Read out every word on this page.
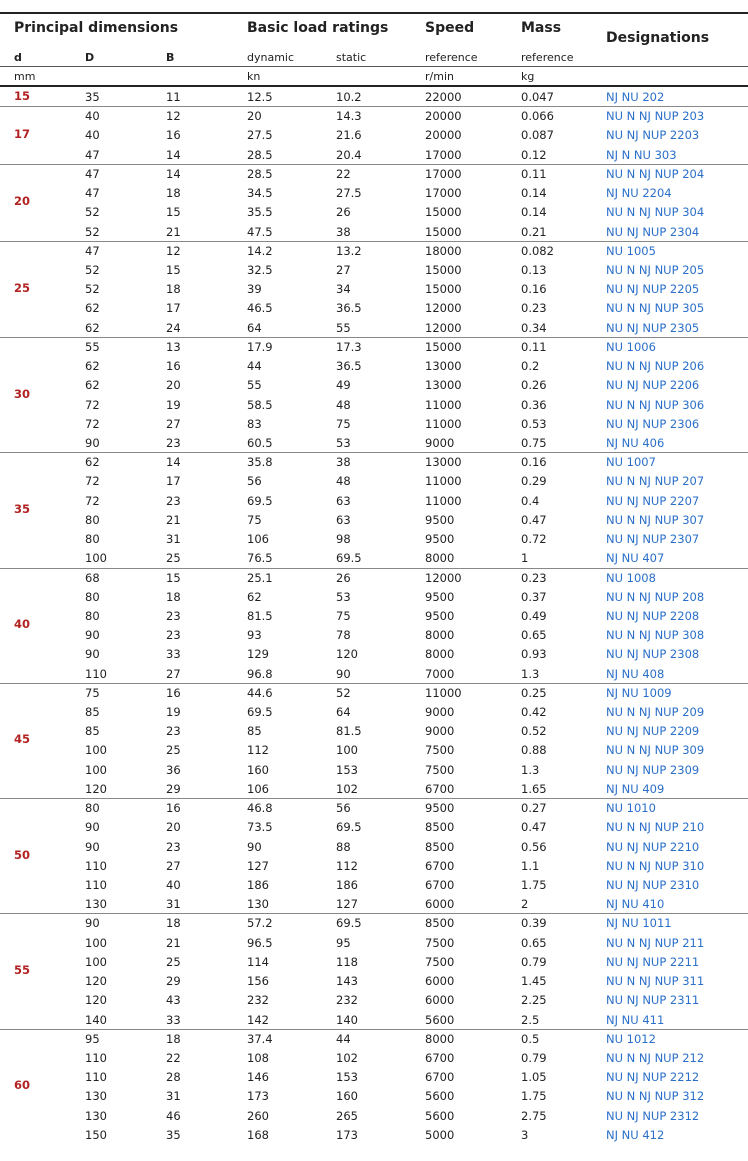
Principal dimensions	Basic load ratings	Speed	Mass
Designations
d	D	B	dynamic	static	reference	reference
mm	kn	r/min	kg
15	35	11	12.5	10.2	22000	0.047	NJ NU 202
17
40	12	20	14.3	20000	0.066	NU N NJ NUP 203
40	16	27.5	21.6	20000	0.087	NU NJ NUP 2203
47	14	28.5	20.4	17000	0.12	NJ N NU 303
20
47	14	28.5	22	17000	0.11	NU N NJ NUP 204
47	18	34.5	27.5	17000	0.14	NJ NU 2204
52	15	35.5	26	15000	0.14	NU N NJ NUP 304
52	21	47.5	38	15000	0.21	NU NJ NUP 2304
25
47	12	14.2	13.2	18000	0.082	NU 1005
52	15	32.5	27	15000	0.13	NU N NJ NUP 205
52	18	39	34	15000	0.16	NU NJ NUP 2205
62	17	46.5	36.5	12000	0.23	NU N NJ NUP 305
62	24	64	55	12000	0.34	NU NJ NUP 2305
30
55	13	17.9	17.3	15000	0.11	NU 1006
62	16	44	36.5	13000	0.2	NU N NJ NUP 206
62	20	55	49	13000	0.26	NU NJ NUP 2206
72	19	58.5	48	11000	0.36	NU N NJ NUP 306
72	27	83	75	11000	0.53	NU NJ NUP 2306
90	23	60.5	53	9000	0.75	NJ NU 406
35
62	14	35.8	38	13000	0.16	NU 1007
72	17	56	48	11000	0.29	NU N NJ NUP 207
72	23	69.5	63	11000	0.4	NU NJ NUP 2207
80	21	75	63	9500	0.47	NU N NJ NUP 307
80	31	106	98	9500	0.72	NU NJ NUP 2307
100	25	76.5	69.5	8000	1	NJ NU 407
40
68	15	25.1	26	12000	0.23	NU 1008
80	18	62	53	9500	0.37	NU N NJ NUP 208
80	23	81.5	75	9500	0.49	NU NJ NUP 2208
90	23	93	78	8000	0.65	NU N NJ NUP 308
90	33	129	120	8000	0.93	NU NJ NUP 2308
110	27	96.8	90	7000	1.3	NJ NU 408
45
75	16	44.6	52	11000	0.25	NJ NU 1009
85	19	69.5	64	9000	0.42	NU N NJ NUP 209
85	23	85	81.5	9000	0.52	NU NJ NUP 2209
100	25	112	100	7500	0.88	NU N NJ NUP 309
100	36	160	153	7500	1.3	NU NJ NUP 2309
120	29	106	102	6700	1.65	NJ NU 409
50
80	16	46.8	56	9500	0.27	NU 1010
90	20	73.5	69.5	8500	0.47	NU N NJ NUP 210
90	23	90	88	8500	0.56	NU NJ NUP 2210
110	27	127	112	6700	1.1	NU N NJ NUP 310
110	40	186	186	6700	1.75	NU NJ NUP 2310
130	31	130	127	6000	2	NJ NU 410
55
90	18	57.2	69.5	8500	0.39	NJ NU 1011
100	21	96.5	95	7500	0.65	NU N NJ NUP 211
100	25	114	118	7500	0.79	NU NJ NUP 2211
120	29	156	143	6000	1.45	NU N NJ NUP 311
120	43	232	232	6000	2.25	NU NJ NUP 2311
140	33	142	140	5600	2.5	NJ NU 411
60
95	18	37.4	44	8000	0.5	NU 1012
110	22	108	102	6700	0.79	NU N NJ NUP 212
110	28	146	153	6700	1.05	NU NJ NUP 2212
130	31	173	160	5600	1.75	NU N NJ NUP 312
130	46	260	265	5600	2.75	NU NJ NUP 2312
150	35	168	173	5000	3	NJ NU 412
